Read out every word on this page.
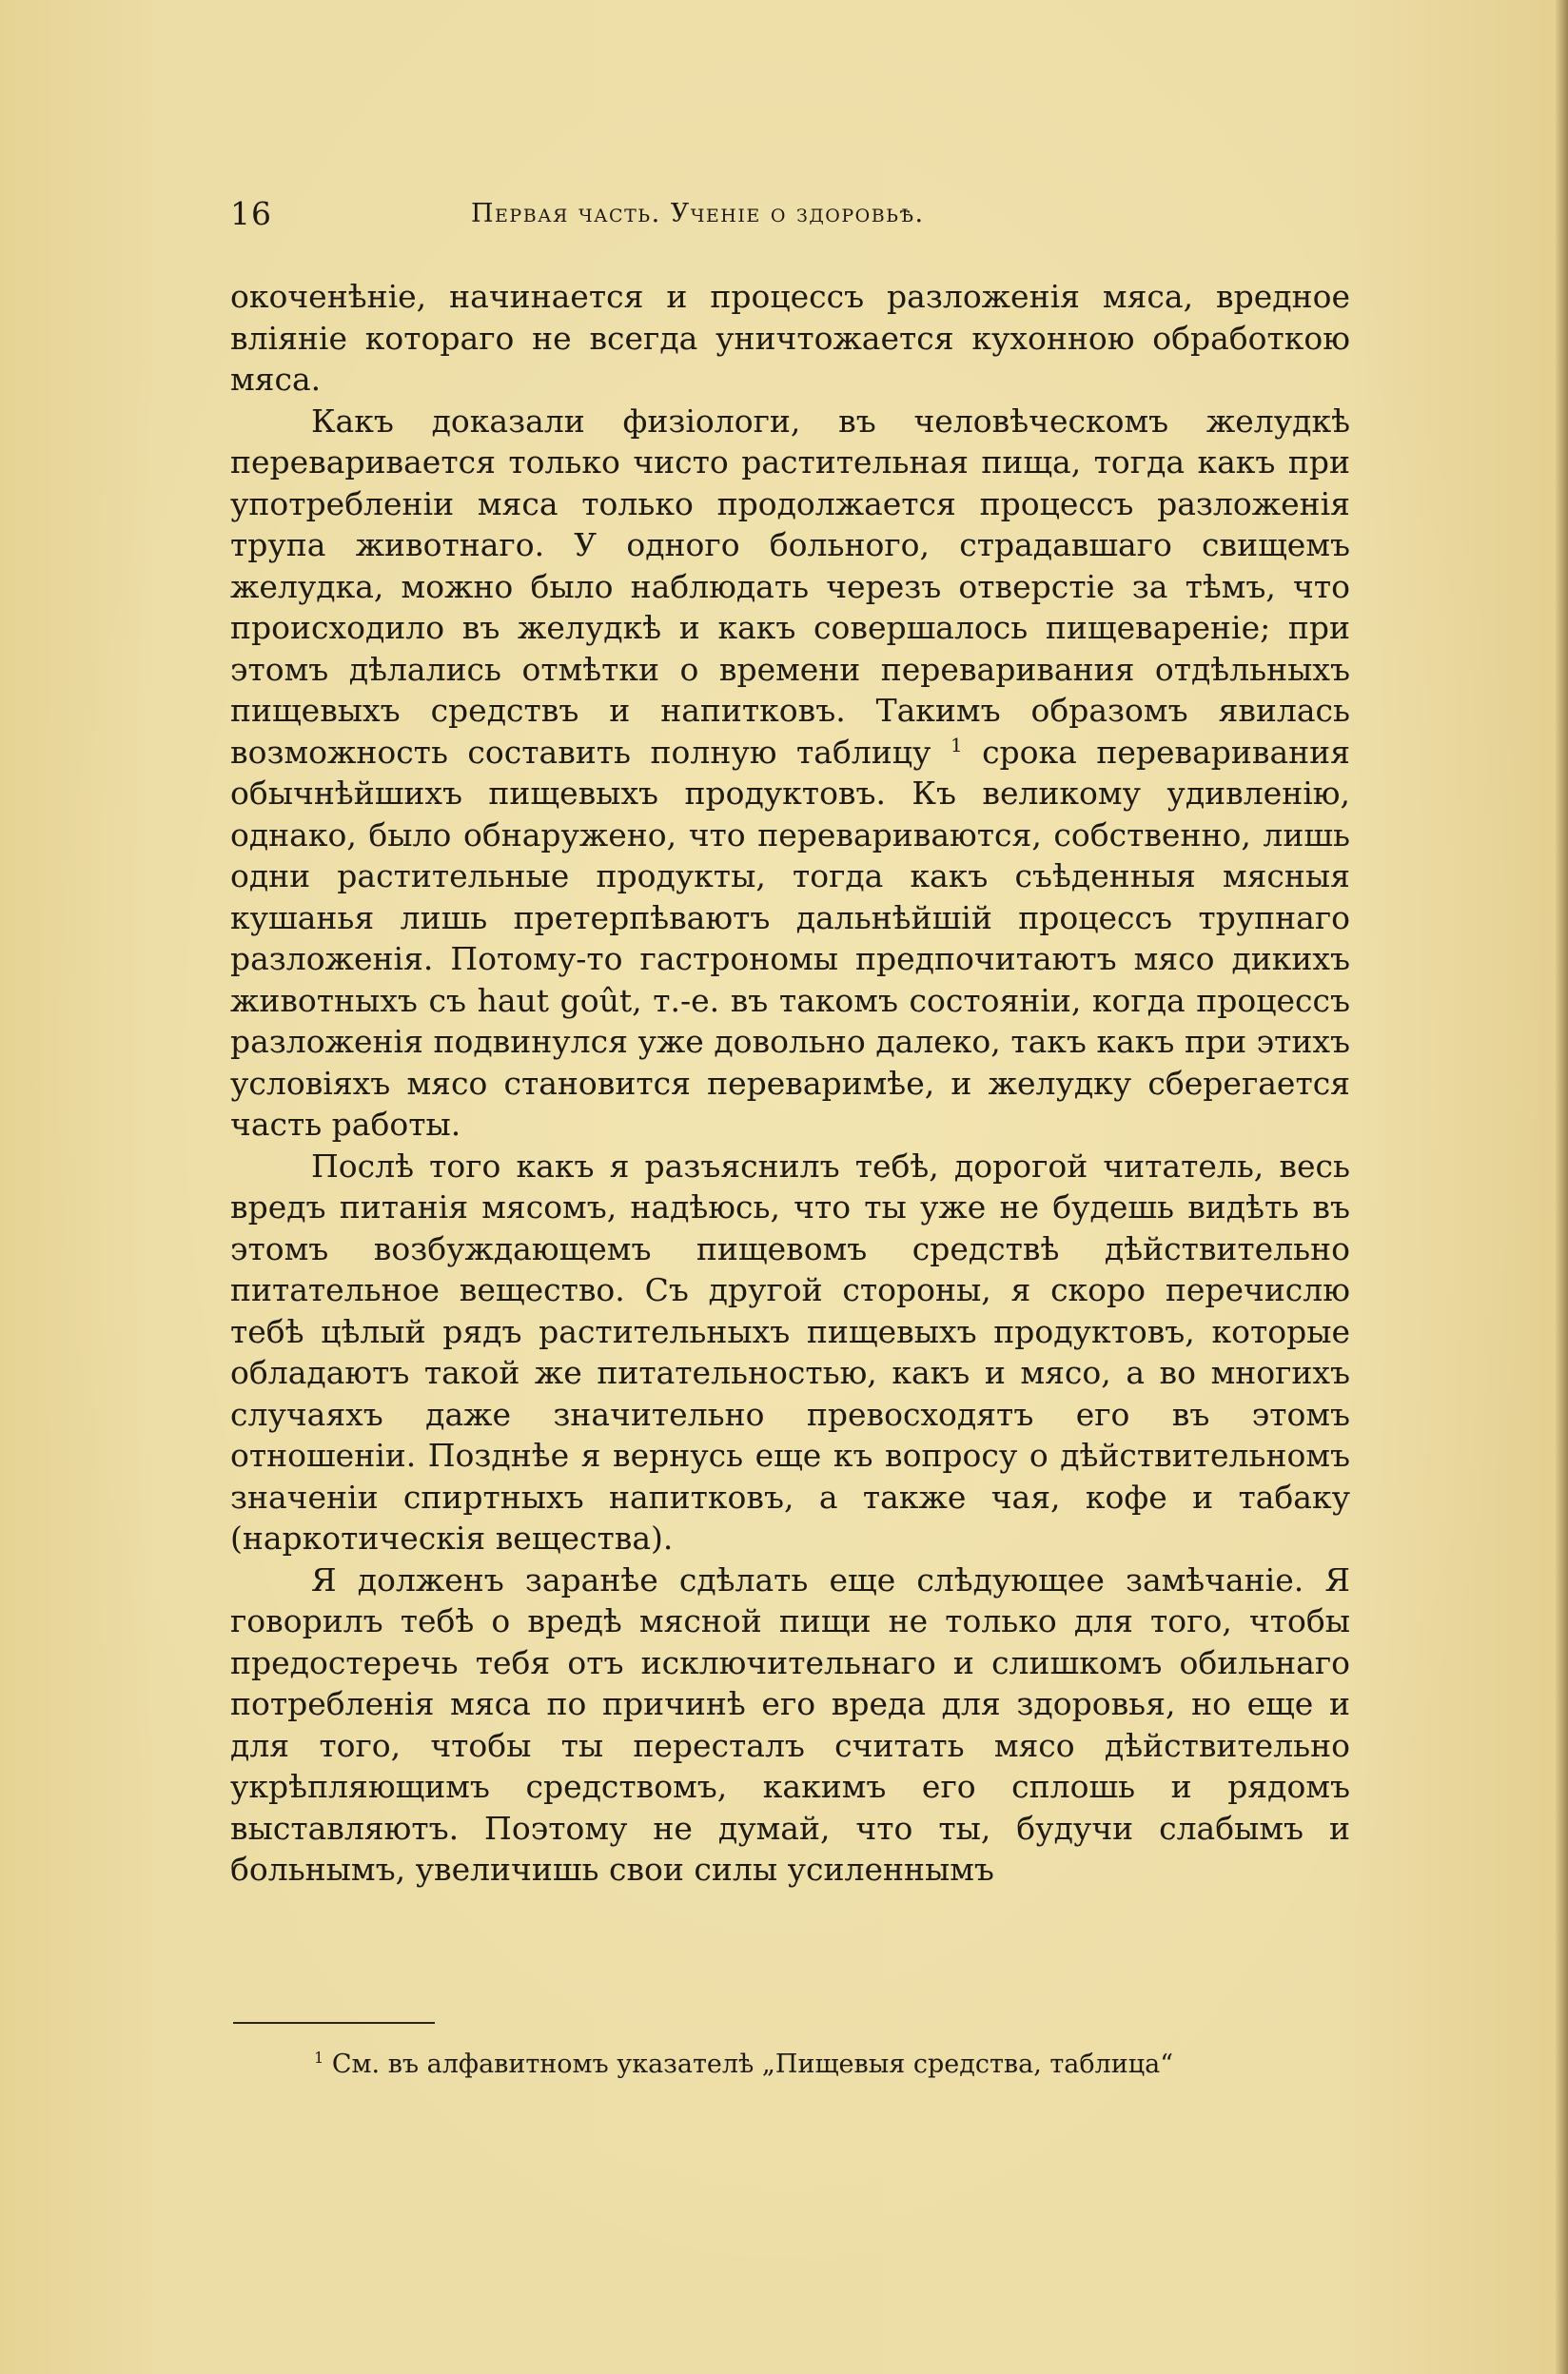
16	Первая часть. Ученiе о здоровьѣ.

окоченѣнiе, начинается и процессъ разложенiя мяса, вредное влiянiе котораго не всегда уничтожается кухонною обработкою мяса.

Какъ доказали физiологи, въ человѣческомъ желудкѣ переваривается только чисто растительная пища, тогда какъ при употребленiи мяса только продолжается процессъ разложенiя трупа животнаго. У одного больного, страдавшаго свищемъ желудка, можно было наблюдать черезъ отверстiе за тѣмъ, что происходило въ желудкѣ и какъ совершалось пищеваренiе; при этомъ дѣлались отмѣтки о времени переваривания отдѣльныхъ пищевыхъ средствъ и напитковъ. Такимъ образомъ явилась возможность составить полную таблицу $^1$ срока переваривания обычнѣйшихъ пищевыхъ продуктовъ. Къ великому удивленiю, однако, было обнаружено, что перевариваются, собственно, лишь одни растительные продукты, тогда какъ съѣденныя мясныя кушанья лишь претерпѣваютъ дальнѣйшiй процессъ трупнаго разложенiя. Потому-то гастрономы предпочитаютъ мясо дикихъ животныхъ съ haut goût, т.-е. въ такомъ состоянiи, когда процессъ разложенiя подвинулся уже довольно далеко, такъ какъ при этихъ условiяхъ мясо становится переваримѣе, и желудку сберегается часть работы.

Послѣ того какъ я разъяснилъ тебѣ, дорогой читатель, весь вредъ питанiя мясомъ, надѣюсь, что ты уже не будешь видѣть въ этомъ возбуждающемъ пищевомъ средствѣ дѣйствительно питательное вещество. Съ другой стороны, я скоро перечислю тебѣ цѣлый рядъ растительныхъ пищевыхъ продуктовъ, которые обладаютъ такой же питательностью, какъ и мясо, а во многихъ случаяхъ даже значительно превосходятъ его въ этомъ отношенiи. Позднѣе я вернусь еще къ вопросу о дѣйствительномъ значенiи спиртныхъ напитковъ, а также чая, кофе и табаку (наркотическiя вещества).

Я долженъ заранѣе сдѣлать еще слѣдующее замѣчанiе. Я говорилъ тебѣ о вредѣ мясной пищи не только для того, чтобы предостеречь тебя отъ исключительнаго и слишкомъ обильнаго потребленiя мяса по причинѣ его вреда для здоровья, но еще и для того, чтобы ты пересталъ считать мясо дѣйствительно укрѣпляющимъ средствомъ, какимъ его сплошь и рядомъ выставляютъ. Поэтому не думай, что ты, будучи слабымъ и больнымъ, увеличишь свои силы усиленнымъ

$^1$ См. въ алфавитномъ указателѣ „Пищевыя средства, таблица“
